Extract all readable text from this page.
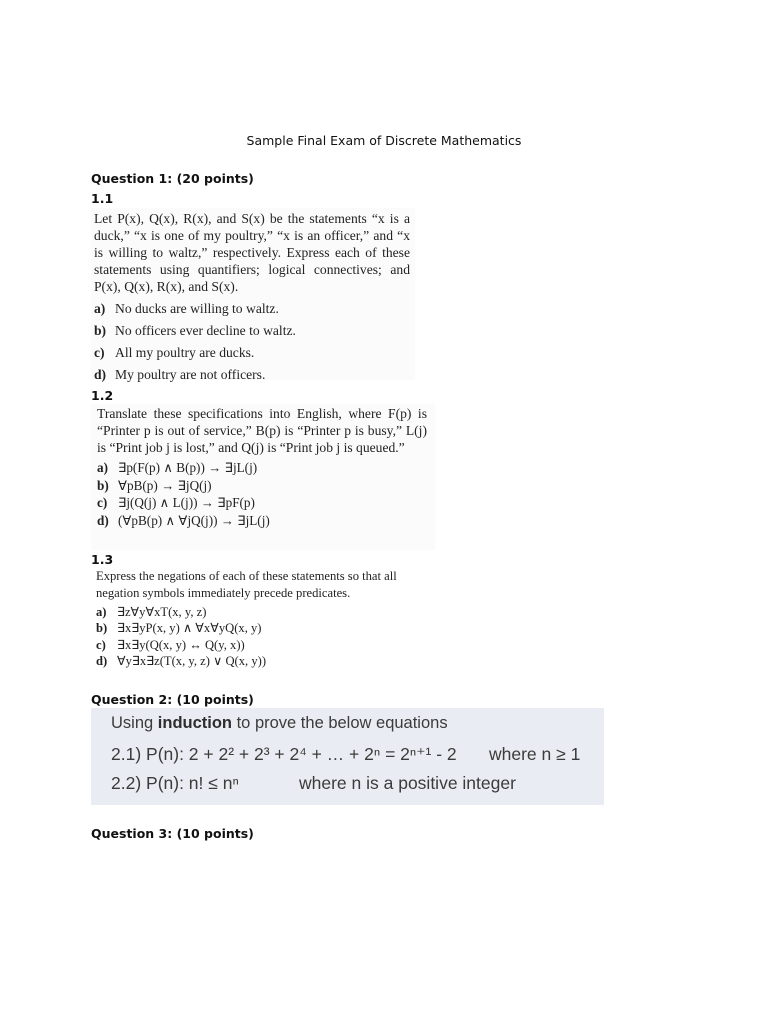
Sample Final Exam of Discrete Mathematics
Question 1: (20 points)
1.1
Let P(x), Q(x), R(x), and S(x) be the statements “x is a duck,” “x is one of my poultry,” “x is an officer,” and “x is willing to waltz,” respectively. Express each of these statements using quantifiers; logical connectives; and P(x), Q(x), R(x), and S(x).
a) No ducks are willing to waltz.
b) No officers ever decline to waltz.
c) All my poultry are ducks.
d) My poultry are not officers.
1.2
Translate these specifications into English, where F(p) is “Printer p is out of service,” B(p) is “Printer p is busy,” L(j) is “Print job j is lost,” and Q(j) is “Print job j is queued.”
a) ∃p(F(p) ∧ B(p)) → ∃jL(j)
b) ∀pB(p) → ∃jQ(j)
c) ∃j(Q(j) ∧ L(j)) → ∃pF(p)
d) (∀pB(p) ∧ ∀jQ(j)) → ∃jL(j)
1.3
Express the negations of each of these statements so that all negation symbols immediately precede predicates.
a) ∃z∀y∀xT(x, y, z)
b) ∃x∃yP(x, y) ∧ ∀x∀yQ(x, y)
c) ∃x∃y(Q(x, y) ↔ Q(y, x))
d) ∀y∃x∃z(T(x, y, z) ∨ Q(x, y))
Question 2: (10 points)
Using induction to prove the below equations
2.1) P(n): 2 + 2² + 2³ + 2⁴ + … + 2ⁿ = 2ⁿ⁺¹ - 2 where n ≥ 1
2.2) P(n): n! ≤ nⁿ	where n is a positive integer
Question 3: (10 points)
